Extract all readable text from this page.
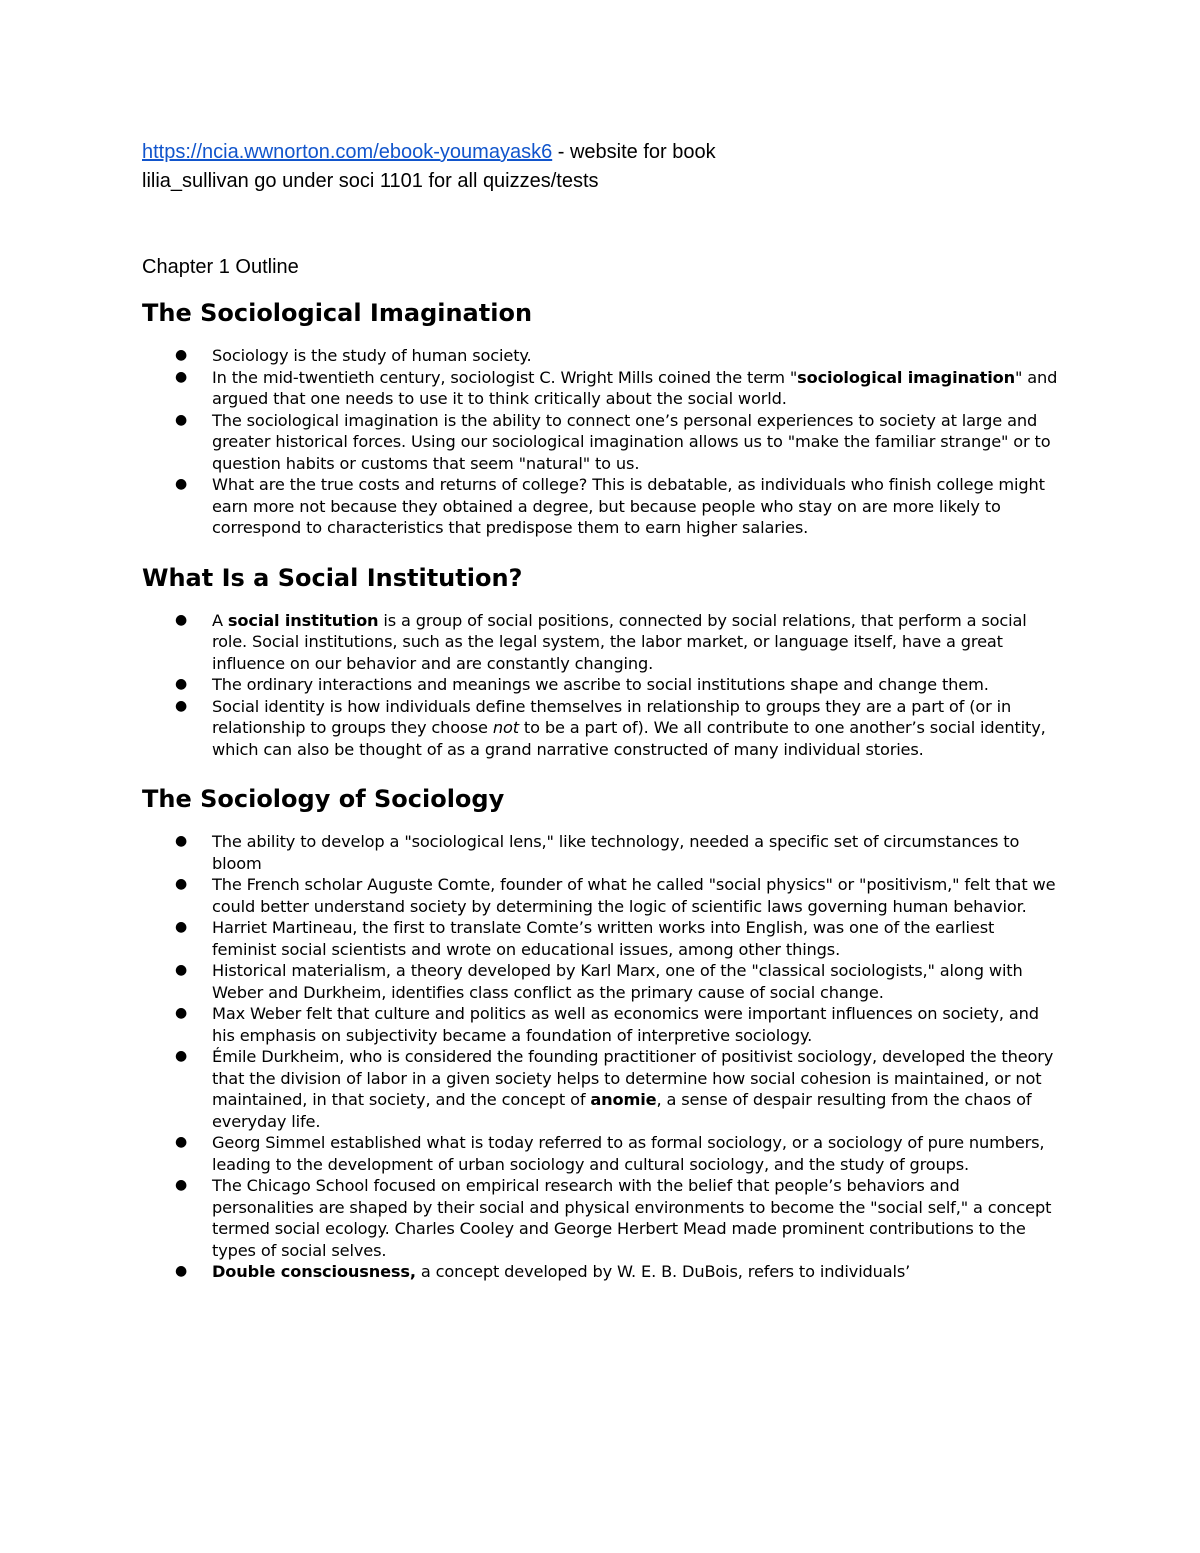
https://ncia.wwnorton.com/ebook-youmayask6 - website for book

lilia_sullivan go under soci 1101 for all quizzes/tests

Chapter 1 Outline

The Sociological Imagination
● Sociology is the study of human society.
● In the mid-twentieth century, sociologist C. Wright Mills coined the term "sociological imagination" and argued that one needs to use it to think critically about the social world.
● The sociological imagination is the ability to connect one’s personal experiences to society at large and greater historical forces. Using our sociological imagination allows us to "make the familiar strange" or to question habits or customs that seem "natural" to us.
● What are the true costs and returns of college? This is debatable, as individuals who finish college might earn more not because they obtained a degree, but because people who stay on are more likely to correspond to characteristics that predispose them to earn higher salaries.
What Is a Social Institution?
● A social institution is a group of social positions, connected by social relations, that perform a social role. Social institutions, such as the legal system, the labor market, or language itself, have a great influence on our behavior and are constantly changing.
● The ordinary interactions and meanings we ascribe to social institutions shape and change them.
● Social identity is how individuals define themselves in relationship to groups they are a part of (or in relationship to groups they choose not to be a part of). We all contribute to one another’s social identity, which can also be thought of as a grand narrative constructed of many individual stories.
The Sociology of Sociology
● The ability to develop a "sociological lens," like technology, needed a specific set of circumstances to bloom
● The French scholar Auguste Comte, founder of what he called "social physics" or "positivism," felt that we could better understand society by determining the logic of scientific laws governing human behavior.
● Harriet Martineau, the first to translate Comte’s written works into English, was one of the earliest feminist social scientists and wrote on educational issues, among other things.
● Historical materialism, a theory developed by Karl Marx, one of the "classical sociologists," along with Weber and Durkheim, identifies class conflict as the primary cause of social change.
● Max Weber felt that culture and politics as well as economics were important influences on society, and his emphasis on subjectivity became a foundation of interpretive sociology.
● Émile Durkheim, who is considered the founding practitioner of positivist sociology, developed the theory that the division of labor in a given society helps to determine how social cohesion is maintained, or not maintained, in that society, and the concept of anomie, a sense of despair resulting from the chaos of everyday life.
● Georg Simmel established what is today referred to as formal sociology, or a sociology of pure numbers, leading to the development of urban sociology and cultural sociology, and the study of groups.
● The Chicago School focused on empirical research with the belief that people’s behaviors and personalities are shaped by their social and physical environments to become the "social self," a concept termed social ecology. Charles Cooley and George Herbert Mead made prominent contributions to the types of social selves.
● Double consciousness, a concept developed by W. E. B. DuBois, refers to individuals’
